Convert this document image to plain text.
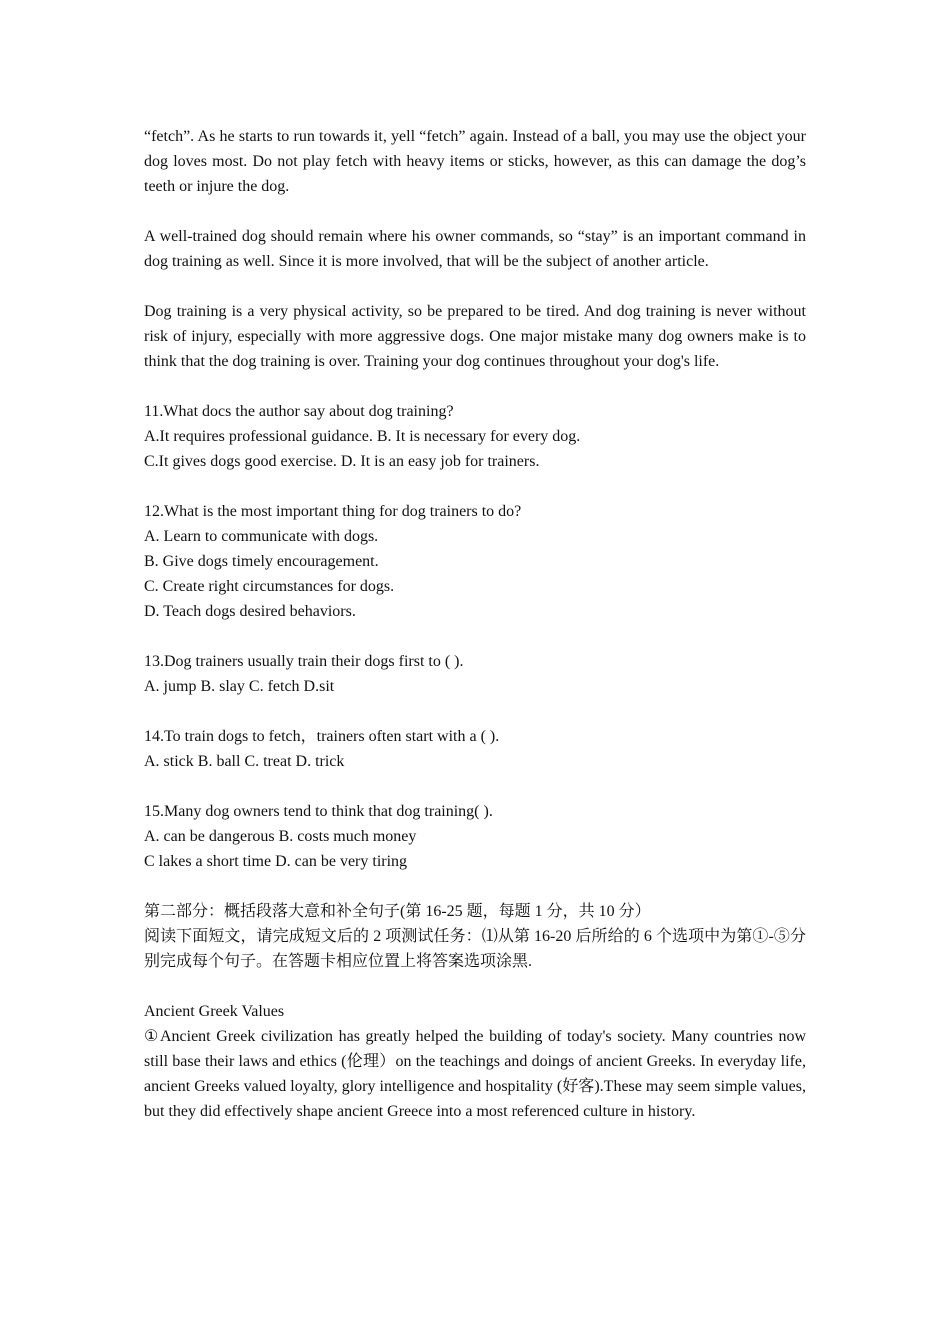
“fetch”. As he starts to run towards it, yell “fetch” again. Instead of a ball, you may use the object your dog loves most. Do not play fetch with heavy items or sticks, however, as this can damage the dog’s teeth or injure the dog.

A well-trained dog should remain where his owner commands, so “stay” is an important command in dog training as well. Since it is more involved, that will be the subject of another article.

Dog training is a very physical activity, so be prepared to be tired. And dog training is never without risk of injury, especially with more aggressive dogs. One major mistake many dog owners make is to think that the dog training is over. Training your dog continues throughout your dog's life.

11.What docs the author say about dog training?

A.It requires professional guidance. B. It is necessary for every dog.

C.It gives dogs good exercise. D. It is an easy job for trainers.

12.What is the most important thing for dog trainers to do?

A. Learn to communicate with dogs.

B. Give dogs timely encouragement.

C. Create right circumstances for dogs.

D. Teach dogs desired behaviors.

13.Dog trainers usually train their dogs first to ( ).

A. jump B. slay C. fetch D.sit

14.To train dogs to fetch，trainers often start with a ( ).

A. stick B. ball C. treat D. trick

15.Many dog owners tend to think that dog training( ).

A. can be dangerous B. costs much money

C lakes a short time D. can be very tiring

第二部分：概括段落大意和补全句子(第 16-25 题，每题 1 分，共 10 分）

阅读下面短文，请完成短文后的 2 项测试任务：⑴从第 16-20 后所给的 6 个选项中为第①-⑤分别完成每个句子。在答题卡相应位置上将答案选项涂黑.

Ancient Greek Values

①Ancient Greek civilization has greatly helped the building of today's society. Many countries now still base their laws and ethics (伦理）on the teachings and doings of ancient Greeks. In everyday life, ancient Greeks valued loyalty, glory intelligence and hospitality (好客).These may seem simple values, but they did effectively shape ancient Greece into a most referenced culture in history.
